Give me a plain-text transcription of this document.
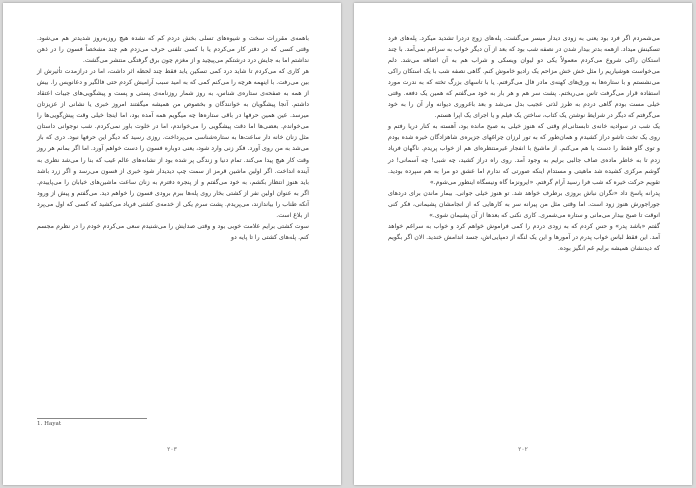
باهمه‌ی مقررات سخت و شیوه‌های تسلی بخش دردم کم که نشده هیچ روزبه‌روز شدیدتر هم می‌شود. وقتی کسی که در دفتر کار می‌کردم یا با کسی تلفنی حرف می‌زدم هم چند مشخصاً فسون را در ذهن نداشتم اما به جایش درد درشتکم می‌پیچید و از مغزم چون برق گرفتگی منتشر می‌گشت.

هر کاری که می‌کردم تا شاید درد کمی تسکین یابد فقط چند لحظه اثر داشت، اما در درازمدت تأثیرش از بین می‌رفت. با اینهمه هرچه را می‌کنم کمی که به امید سبب آرامیش کردم حتی فالگیر و دعانویس را. بیش از همه به صفحه‌ی ستاره‌ی شناس، به روز شمار روزنامه‌ی پستی و پست و پیشگویی‌های جیبات اعتقاد داشتم. آنجا پیشگویان به خوانندگان و بخصوص من همیشه میگفتند امروز خبری یا نشانی از عزیزتان میرسد. عین همین حرفها در باقی ستاره‌ها چه میگویم همه آمده بود، اما اینجا خیلی وقت پیش‌گویی‌ها را می‌خواندم. بعضی‌ها اما دقت پیشگویی را می‌خواندم، اما در خلوت باور نمی‌کردم. شب نوجوانی داستان مثل زنان خانه دار ساعت‌ها به ستاره‌شناسی می‌پرداخت. روزی رسید که دیگر این حرفها نبود. دری که باز می‌شد به من روی آورد. فکر زنی وارد شود، یعنی دوباره فسون را دست خواهم آورد. اما اگر بمانم هر روز وقت کار هیچ پیدا می‌کند. تمام دنیا و زندگی پر شده بود از نشانه‌های عالم غیب که بنا را می‌شد نظری به آینده انداخت. اگر اولین ماشین قرمز از سمت چپ دیدیدار شود خبری از فسون می‌رسد و اگر زرد باشد باید هنوز انتظار بکشم، به خود می‌گفتم و از پنجره دفترم به زنان ساعت ماشین‌های خیابان را می‌پاییدم. اگر به عنوان اولین نفر از کشتی بخار روی پله‌ها ببرم برودی فسون را خواهم دید. می‌گفتم و پیش از ورود آنکه طناب را بیاندازند، می‌پریدم. پشت سرم یکی از خدمه‌ی کشتی فریاد می‌کشید که کسی که اول می‌پرد از بلاغ است.

سوت کشتی برایم علامت خوبی بود و وقتی صدایش را می‌شنیدم سعی می‌کردم خودم را در نظرم مجسم کنم. پله‌های کشتی را تا پایه دو

1. Hayat
۲۰۳

می‌شمردم اگر فرد بود یعنی به زودی دیدار میسر می‌گشت. پله‌های زوج دردرا تشدید میکرد. پله‌های فرد تسکینش میداد. ازهمه بدتر بیدار شدن در نصفه شب بود که بعد از آن دیگر خواب به سراغم نمی‌آمد. با چند استکان راکی شروع می‌کردم معمولاً یکی دو لیوان ویسکی و شراب هم به آن اضافه می‌شد. دلم می‌خواست هوشیاریم را مثل خش خش مزاحم یک رادیو خاموش کنم. گاهی نصفه شب با یک استکان راکی می‌نشستم و با ستاره‌ها به ورق‌های کهنه‌ی مادر فال می‌گرفتم. یا با تاسهای بزرگ تخته که به ندرت مورد استفاده قرار می‌گرفت تاس می‌ریختم. پشت سر هم و هر بار به خود می‌گفتم که همین یک دفعه. وقتی خیلی مست بودم گاهی دردم به طرز لذتی عجیب بدل می‌شد و بعد باغروری دیوانه وار آن را به خود می‌گرفتم که دیگر در شرایط نوشتن یک کتاب، ساختن یک فیلم و یا اجرای یک اپرا هستم.

یک شب در سوادیه خانه‌ی تابستانی‌ام وقتی که هنوز خیلی به صبح مانده بود، آهسته به کنار دریا رفتم و روی یک تخت تاشو دراز کشیدم و همان‌طور که به تور لرزان چراغهای جزیره‌ی شاهزادگان خیره شده بودم و توی گاو فقط را دست یا هم می‌کنم. از ماشیخ با انفجار غیرمنتظره‌ای هم از خواب پریدم. ناگهان فریاد زدم تا به خاطر ماده‌ی صاف جالبی برایم به وجود آمد. روی راه دراز کشید، چه شبی! چه آسمانی! در گوشم مرکزی کشیده شد ماهیتی و مستدام اینکه صورتی که ندارم اما عشق دو مرا به هم سپرده بودید. تقویم حرکت خیره که شب فرا رسید آرام گرفتم. «ایرونزما گاه ونیسگاه اینطور می‌شوم.»

پدرانه پاسخ داد «نگران نباش بروزی برطرف خواهد شد. تو هنوز خیلی جوانی. بیمار ماندن برای دردهای جوراجورش هنوز زود است. اما وقتی مثل من پیرانه سر به کارهایی که از انجامشان پشیمانی، فکر کنی انوقت تا صبح بیدار می‌مانی و ستاره می‌شمری. کاری نکنی که بعدها از آن پشیمان شوی.»

گفتم «باشد پدر» و حس کردم که به زودی دردم را کمی فراموش خواهم کرد و خواب به سراغم خواهد آمد. این فقط لباس خواب پدرم در آمورها و این یک لنگه از دمپایی‌اش، جسد اندامش خندید. الان اگر بگویم که دیدنشان همیشه برایم غم انگیز بوده.

۲۰۲
